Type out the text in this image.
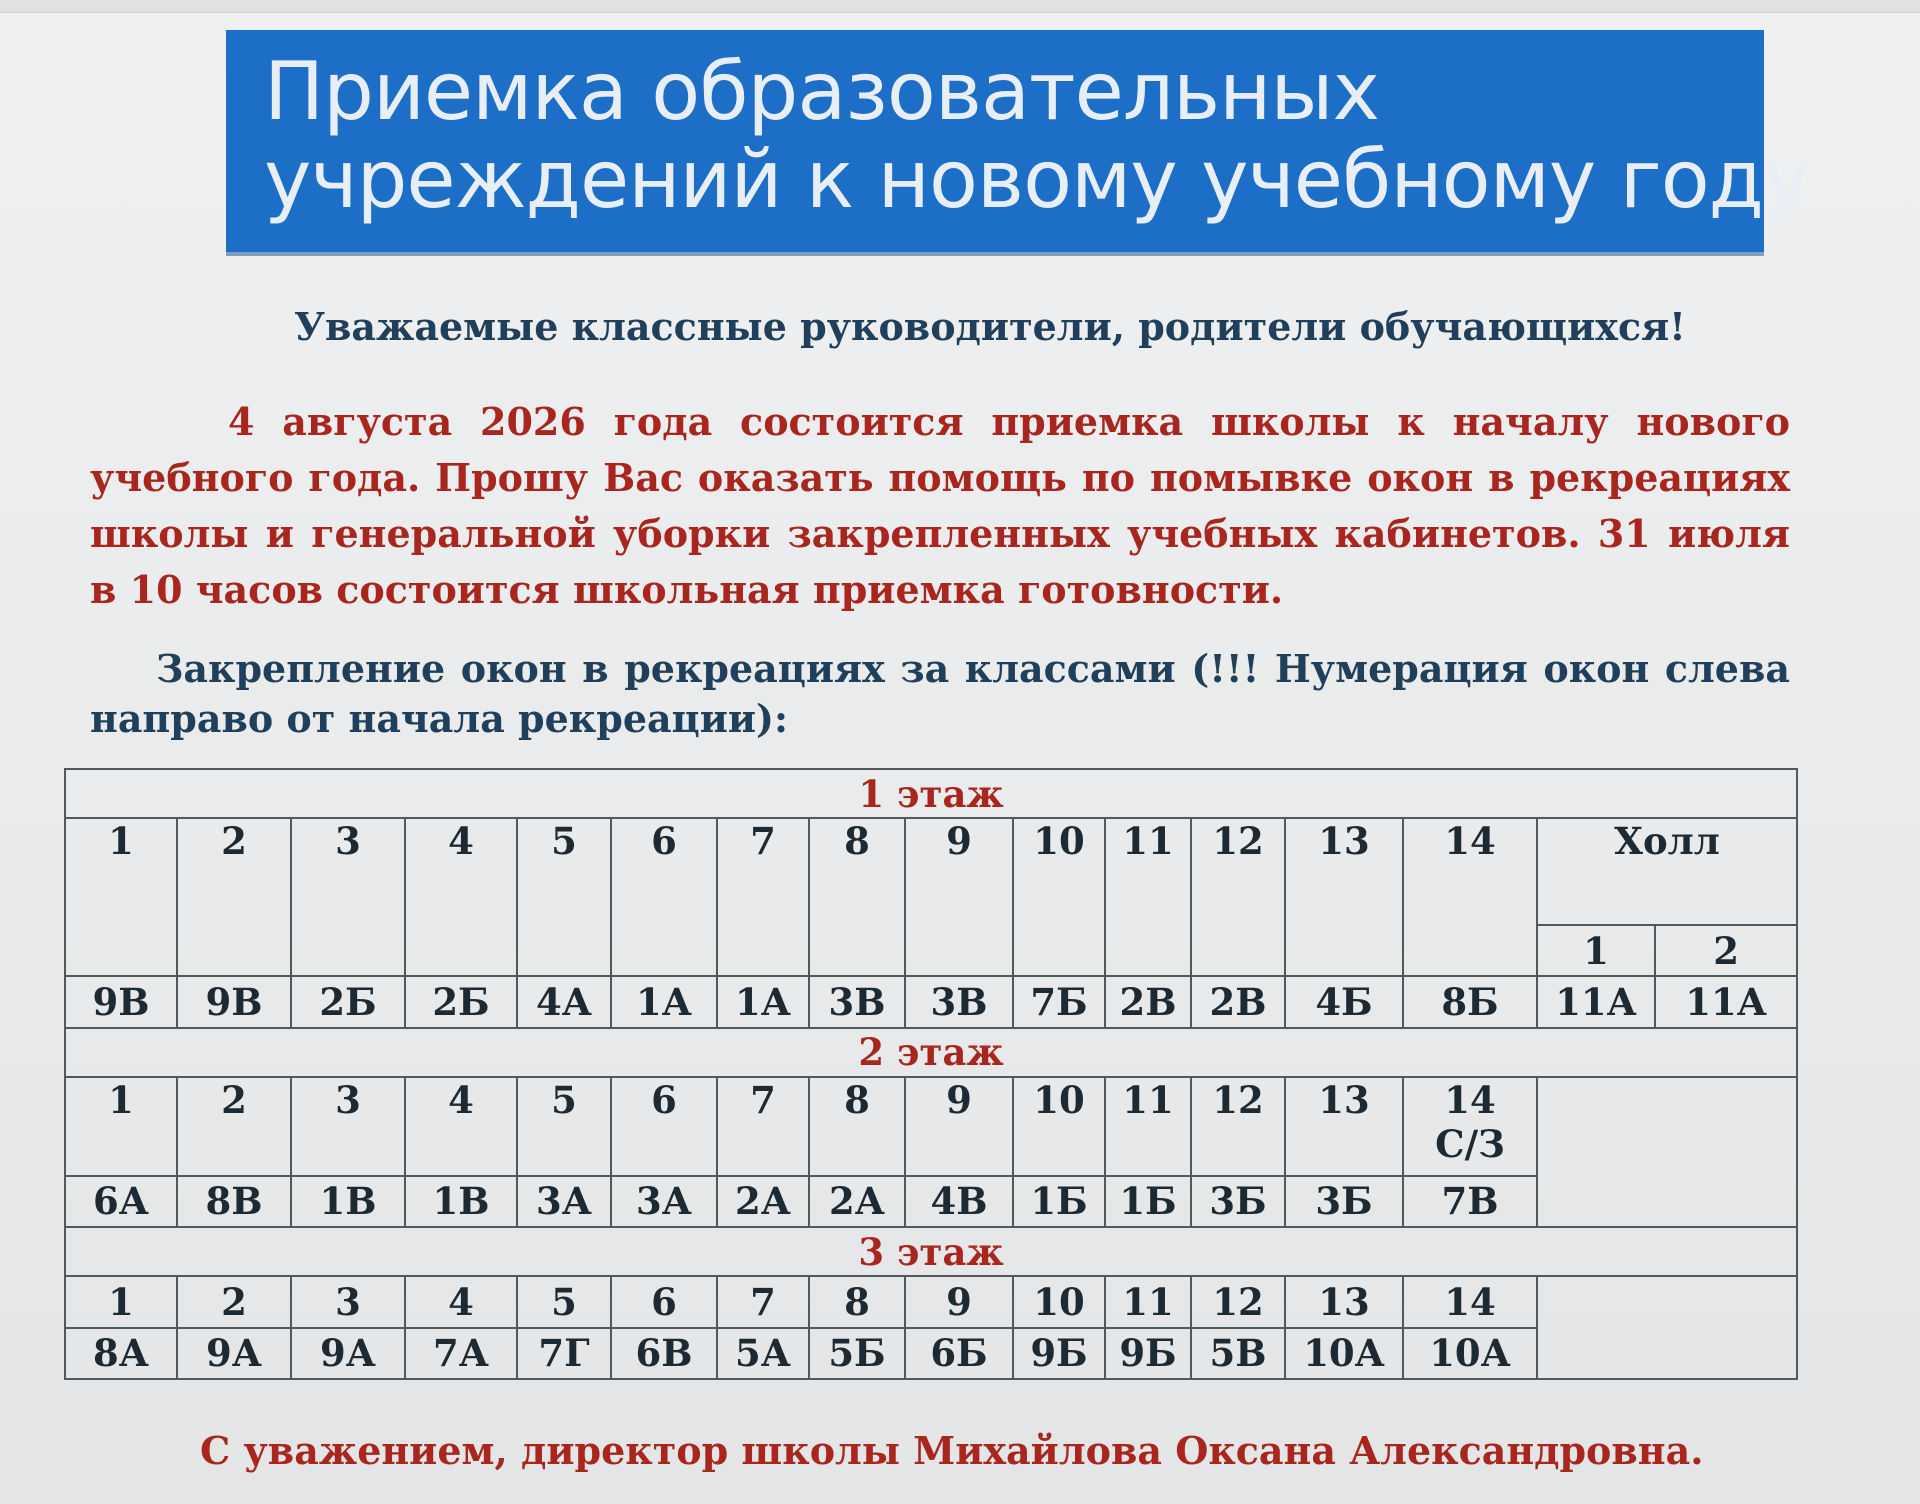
Приемка образовательных
учреждений к новому учебному году
Уважаемые классные руководители, родители обучающихся!
4 августа 2026 года состоится приемка школы к началу нового учебного года. Прошу Вас оказать помощь по помывке окон в рекреациях школы и генеральной уборки закрепленных учебных кабинетов. 31 июля в 10 часов состоится школьная приемка готовности.
Закрепление окон в рекреациях за классами (!!! Нумерация окон слева направо от начала рекреации):
1 этаж															
1	2	3	4	5	6	7	8	9	10	11	12	13	14	Холл	
														1	2
9В	9В	2Б	2Б	4А	1А	1А	3В	3В	7Б	2В	2В	4Б	8Б	11А	11А
2 этаж															

1	2	3	4	5	6	7	8	9	10	11	12	13	14
С/З		

6А	8В	1В	1В	3А	3А	2А	2А	4В	1Б	1Б	3Б	3Б	7В		
3 этаж															
1	2	3	4	5	6	7	8	9	10	11	12	13	14		
8А	9А	9А	7А	7Г	6В	5А	5Б	6Б	9Б	9Б	5В	10А	10А		
С уважением, директор школы Михайлова Оксана Александровна.
